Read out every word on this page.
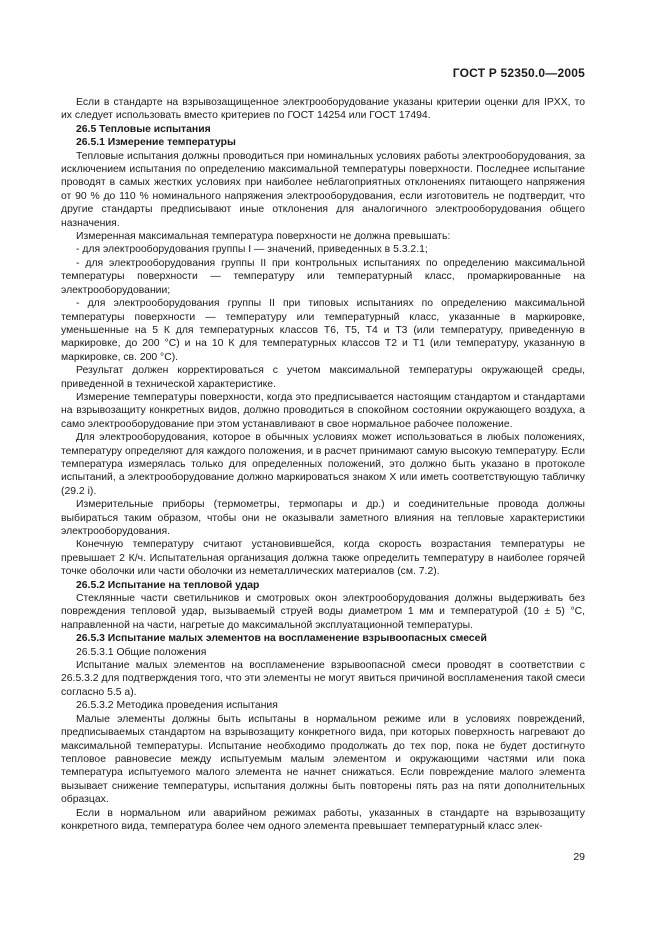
ГОСТ Р 52350.0—2005

Если в стандарте на взрывозащищенное электрооборудование указаны критерии оценки для IPXX, то их следует использовать вместо критериев по ГОСТ 14254 или ГОСТ 17494.

26.5 Тепловые испытания

26.5.1 Измерение температуры

Тепловые испытания должны проводиться при номинальных условиях работы электрооборудования, за исключением испытания по определению максимальной температуры поверхности. Последнее испытание проводят в самых жестких условиях при наиболее неблагоприятных отклонениях питающего напряжения от 90 % до 110 % номинального напряжения электрооборудования, если изготовитель не подтвердит, что другие стандарты предписывают иные отклонения для аналогичного электрооборудования общего назначения.

Измеренная максимальная температура поверхности не должна превышать:

- для электрооборудования группы I — значений, приведенных в 5.3.2.1;

- для электрооборудования группы II при контрольных испытаниях по определению максимальной температуры поверхности — температуру или температурный класс, промаркированные на электрооборудовании;

- для электрооборудования группы II при типовых испытаниях по определению максимальной температуры поверхности — температуру или температурный класс, указанные в маркировке, уменьшенные на 5 К для температурных классов Т6, Т5, Т4 и Т3 (или температуру, приведенную в маркировке, до 200 °С) и на 10 К для температурных классов Т2 и Т1 (или температуру, указанную в маркировке, св. 200 °С).

Результат должен корректироваться с учетом максимальной температуры окружающей среды, приведенной в технической характеристике.

Измерение температуры поверхности, когда это предписывается настоящим стандартом и стандартами на взрывозащиту конкретных видов, должно проводиться в спокойном состоянии окружающего воздуха, а само электрооборудование при этом устанавливают в свое нормальное рабочее положение.

Для электрооборудования, которое в обычных условиях может использоваться в любых положениях, температуру определяют для каждого положения, и в расчет принимают самую высокую температуру. Если температура измерялась только для определенных положений, это должно быть указано в протоколе испытаний, а электрооборудование должно маркироваться знаком X или иметь соответствующую табличку (29.2 i).

Измерительные приборы (термометры, термопары и др.) и соединительные провода должны выбираться таким образом, чтобы они не оказывали заметного влияния на тепловые характеристики электрооборудования.

Конечную температуру считают установившейся, когда скорость возрастания температуры не превышает 2 К/ч. Испытательная организация должна также определить температуру в наиболее горячей точке оболочки или части оболочки из неметаллических материалов (см. 7.2).

26.5.2 Испытание на тепловой удар

Стеклянные части светильников и смотровых окон электрооборудования должны выдерживать без повреждения тепловой удар, вызываемый струей воды диаметром 1 мм и температурой (10 ± 5) °С, направленной на части, нагретые до максимальной эксплуатационной температуры.

26.5.3 Испытание малых элементов на воспламенение взрывоопасных смесей

26.5.3.1 Общие положения

Испытание малых элементов на воспламенение взрывоопасной смеси проводят в соответствии с 26.5.3.2 для подтверждения того, что эти элементы не могут явиться причиной воспламенения такой смеси согласно 5.5 а).

26.5.3.2 Методика проведения испытания

Малые элементы должны быть испытаны в нормальном режиме или в условиях повреждений, предписываемых стандартом на взрывозащиту конкретного вида, при которых поверхность нагревают до максимальной температуры. Испытание необходимо продолжать до тех пор, пока не будет достигнуто тепловое равновесие между испытуемым малым элементом и окружающими частями или пока температура испытуемого малого элемента не начнет снижаться. Если повреждение малого элемента вызывает снижение температуры, испытания должны быть повторены пять раз на пяти дополнительных образцах.

Если в нормальном или аварийном режимах работы, указанных в стандарте на взрывозащиту конкретного вида, температура более чем одного элемента превышает температурный класс элек-

29
